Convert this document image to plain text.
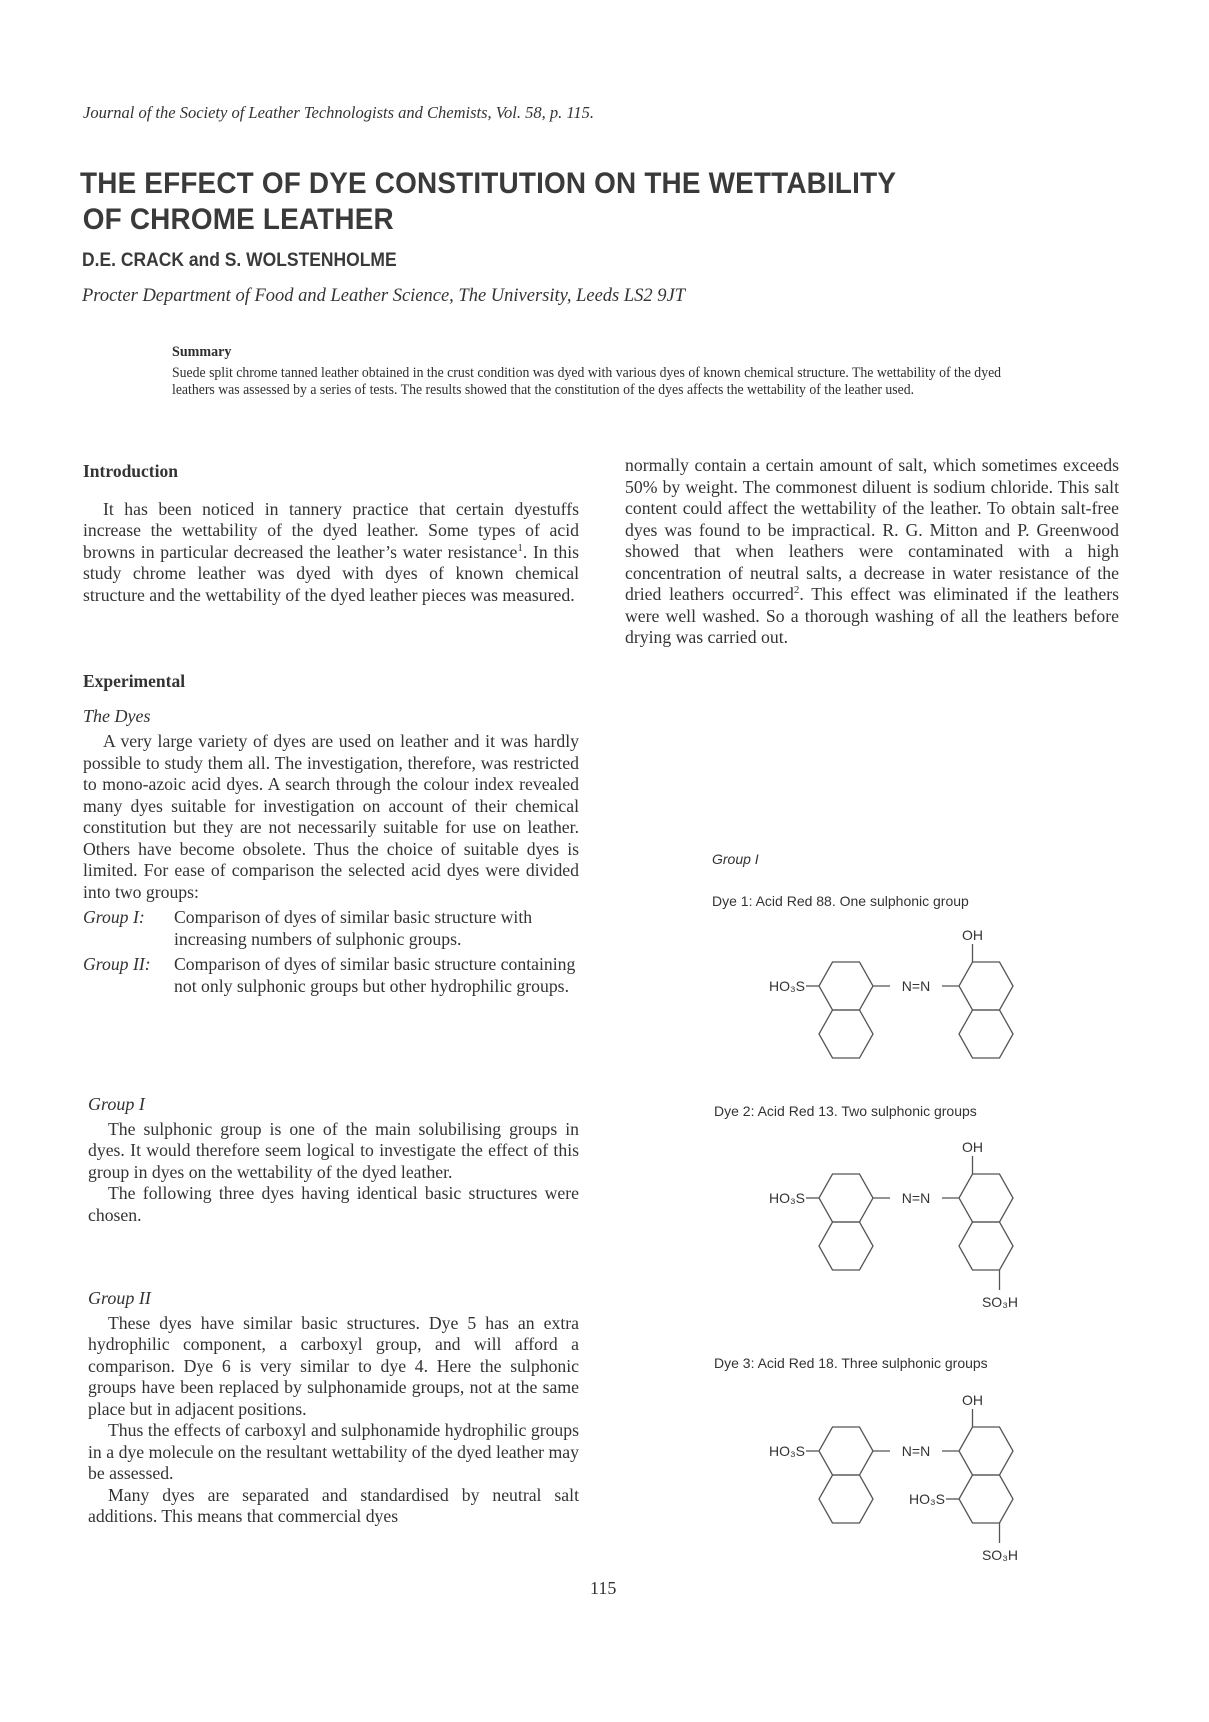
Journal of the Society of Leather Technologists and Chemists, Vol. 58, p. 115.
THE EFFECT OF DYE CONSTITUTION ON THE WETTABILITY
OF CHROME LEATHER
D.E. CRACK and S. WOLSTENHOLME
Procter Department of Food and Leather Science, The University, Leeds LS2 9JT
Summary
Suede split chrome tanned leather obtained in the crust condition was dyed with various dyes of known chemical structure. The wettability of the dyed leathers was assessed by a series of tests. The results showed that the constitution of the dyes affects the wettability of the leather used.
Introduction

It has been noticed in tannery practice that certain dyestuffs increase the wettability of the dyed leather. Some types of acid browns in particular decreased the leather’s water resistance$^1$. In this study chrome leather was dyed with dyes of known chemical structure and the wettability of the dyed leather pieces was measured.

Experimental
The Dyes

A very large variety of dyes are used on leather and it was hardly possible to study them all. The investigation, therefore, was restricted to mono-azoic acid dyes. A search through the colour index revealed many dyes suitable for investigation on account of their chemical constitution but they are not necessarily suitable for use on leather. Others have become obsolete. Thus the choice of suitable dyes is limited. For ease of comparison the selected acid dyes were divided into two groups:

Group I:	Comparison of dyes of similar basic structure with increasing numbers of sulphonic groups.
Group II:	Comparison of dyes of similar basic structure containing not only sulphonic groups but other hydrophilic groups.
Group I

The sulphonic group is one of the main solubilising groups in dyes. It would therefore seem logical to investigate the effect of this group in dyes on the wettability of the dyed leather.

The following three dyes having identical basic structures were chosen.

Group II

These dyes have similar basic structures. Dye 5 has an extra hydrophilic component, a carboxyl group, and will afford a comparison. Dye 6 is very similar to dye 4. Here the sulphonic groups have been replaced by sulphonamide groups, not at the same place but in adjacent positions.

Thus the effects of carboxyl and sulphonamide hydrophilic groups in a dye molecule on the resultant wettability of the dyed leather may be assessed.

Many dyes are separated and standardised by neutral salt additions. This means that commercial dyes

normally contain a certain amount of salt, which sometimes exceeds 50% by weight. The commonest diluent is sodium chloride. This salt content could affect the wettability of the leather. To obtain salt-free dyes was found to be impractical. R. G. Mitton and P. Greenwood showed that when leathers were contaminated with a high concentration of neutral salts, a decrease in water resistance of the dried leathers occurred$^2$. This effect was eliminated if the leathers were well washed. So a thorough washing of all the leathers before drying was carried out.

Group I
Dye 1: Acid Red 88. One sulphonic group
N=N
HO₃S
OH
Dye 2: Acid Red 13. Two sulphonic groups
N=N
HO₃S
OH
SO₃H
Dye 3: Acid Red 18. Three sulphonic groups
N=N
HO₃S
OH
SO₃H
HO₃S
115
